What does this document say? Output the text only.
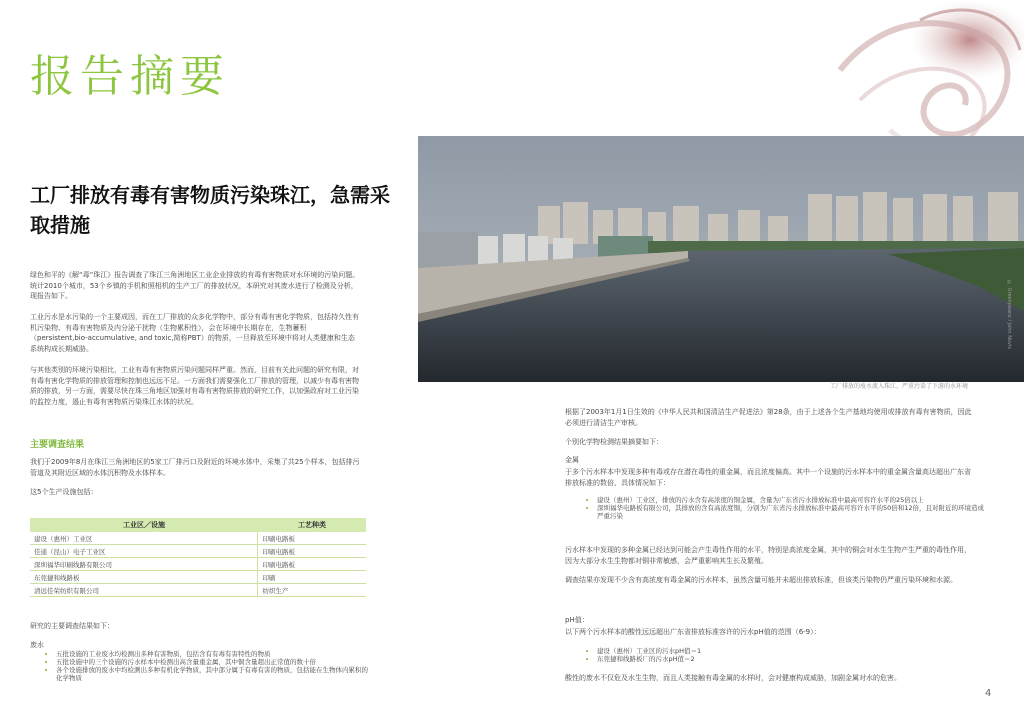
报告摘要
工厂排放有毒有害物质污染珠江，急需采取措施
绿色和平的《解“毒”珠江》报告调查了珠江三角洲地区工业企业排放的有毒有害物质对水环境的污染问题。统计2010个城市，53个乡镇的手机和照相机的生产工厂的排放状况，本研究对其废水进行了检测及分析，现报告如下。
工业污水是水污染的一个主要成因，而在工厂排放的众多化学物中，部分有毒有害化学物质，包括持久性有机污染物、有毒有害物质及内分泌干扰物（生物累积性），会在环境中长期存在，生物蓄积（persistent,bio-accumulative, and toxic,简称PBT）的物质，一旦释放至环境中将对人类健康和生态系统构成长期威胁。
与其他类别的环境污染相比，工业有毒有害物质污染问题同样严重。然而，目前有关此问题的研究有限，对有毒有害化学物质的排放管理和控制也远远不足。一方面我们需要强化工厂排放的管理，以减少有毒有害物质的排放，另一方面，需要尽快在珠三角地区加强对有毒有害物质排放的研究工作，以加强政府对工业污染的监控力度，遏止有毒有害物质污染珠江水体的状况。
主要调查结果
我们于2009年8月在珠江三角洲地区的5家工厂排污口及附近的环境水体中，采集了共25个样本，包括排污管道及其附近区域的水体沉积物及水体样本。
这5个生产设施包括：
工业区／设施	工艺种类
建设（惠州）工业区	印刷电路板
佳通（昆山）电子工业区	印刷电路板
深圳福华印刷线路有限公司	印刷电路板
东莞捷和线路板	印刷
清远佳荣纺织有限公司	纺织生产
研究的主要调查结果如下：
废水
• 五批设施的工业废水均检测出多种有害物质，包括含有有毒有害特性的物质
• 五批设施中的三个设施的污水样本中检测出高含量重金属，其中铜含量超出正常值的数十倍
• 各个设施排放的废水中均检测出多种有机化学物质，其中部分属于有毒有害的物质，包括能在生物体内累积的化学物质
© Greenpeace / John Novis
工厂排放的废水流入珠江，严重污染了下游的水环境
根据了2003年1月1日生效的《中华人民共和国清洁生产促进法》第28条，由于上述各个生产基地均使用或排放有毒有害物质，因此必须进行清洁生产审核。
个别化学物检测结果摘要如下：
金属
于多个污水样本中发现多种有毒或存在潜在毒性的重金属，而且浓度偏高。其中一个设施的污水样本中的重金属含量高达超出广东省排放标准的数倍，具体情况如下：
• 建设（惠州）工业区，排放的污水含有高浓度的铜金属，含量为广东省污水排放标准中最高可容许水平的25倍以上
• 深圳福华电路板有限公司，其排放的含有高浓度铜，分别为广东省污水排放标准中最高可容许水平的50倍和12倍，且对附近的环境造成严重污染
污水样本中发现的多种金属已经达到可能会产生毒性作用的水平，特别是高浓度金属，其中的铜会对水生生物产生严重的毒性作用，因为大部分水生生物都对铜非常敏感，会严重影响其生长及繁殖。
调查结果亦发现不少含有高浓度有毒金属的污水样本，虽然含量可能并未超出排放标准，但该类污染物仍严重污染环境和水源。
pH值：
以下两个污水样本的酸性远远超出广东省排放标准容许的污水pH值的范围（6-9）：
• 建设（惠州）工业区的污水pH值＝1
• 东莞捷和线路板厂的污水pH值＝2
酸性的废水不仅危及水生生物，而且人类接触有毒金属的水样时，会对健康构成威胁，加剧金属对水的危害。
4
